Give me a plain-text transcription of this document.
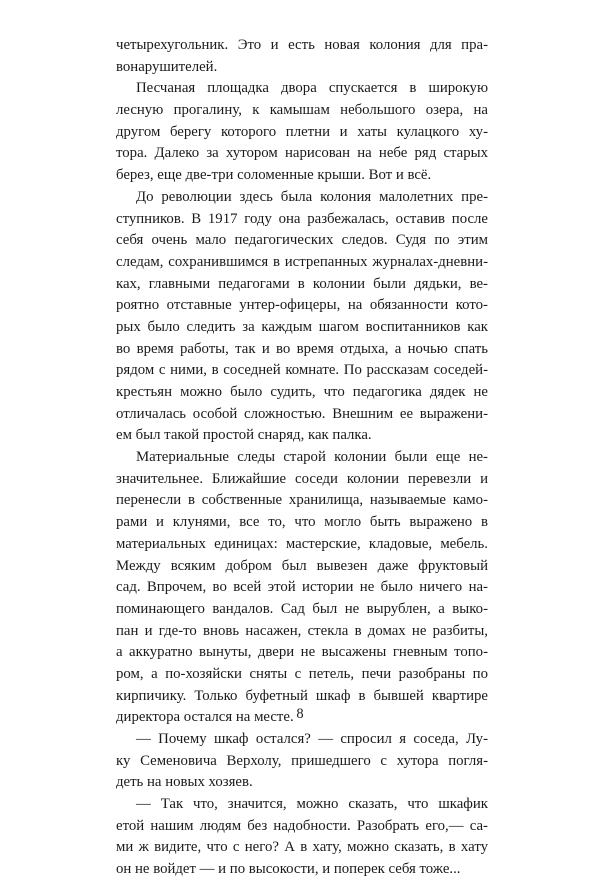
четырехугольник. Это и есть новая колония для пра-
вонарушителей.
Песчаная площадка двора спускается в широкую
лесную прогалину, к камышам небольшого озера, на
другом берегу которого плетни и хаты кулацкого ху-
тора. Далеко за хутором нарисован на небе ряд старых
берез, еще две-три соломенные крыши. Вот и всё.
До революции здесь была колония малолетних пре-
ступников. В 1917 году она разбежалась, оставив после
себя очень мало педагогических следов. Судя по этим
следам, сохранившимся в истрепанных журналах-дневни-
ках, главными педагогами в колонии были дядьки, ве-
роятно отставные унтер-офицеры, на обязанности кото-
рых было следить за каждым шагом воспитанников как
во время работы, так и во время отдыха, а ночью спать
рядом с ними, в соседней комнате. По рассказам соседей-
крестьян можно было судить, что педагогика дядек не
отличалась особой сложностью. Внешним ее выражени-
ем был такой простой снаряд, как палка.
Материальные следы старой колонии были еще не-
значительнее. Ближайшие соседи колонии перевезли и
перенесли в собственные хранилища, называемые камо-
рами и клунями, все то, что могло быть выражено в
материальных единицах: мастерские, кладовые, мебель.
Между всяким добром был вывезен даже фруктовый
сад. Впрочем, во всей этой истории не было ничего на-
поминающего вандалов. Сад был не вырублен, а выко-
пан и где-то вновь насажен, стекла в домах не разбиты,
а аккуратно вынуты, двери не высажены гневным топо-
ром, а по-хозяйски сняты с петель, печи разобраны по
кирпичику. Только буфетный шкаф в бывшей квартире
директора остался на месте.
— Почему шкаф остался? — спросил я соседа, Лу-
ку Семеновича Верхолу, пришедшего с хутора погля-
деть на новых хозяев.
— Так что, значится, можно сказать, что шкафик
етой нашим людям без надобности. Разобрать его,— са-
ми ж видите, что с него? А в хату, можно сказать, в хату
он не войдет — и по высокости, и поперек себя тоже...
8
